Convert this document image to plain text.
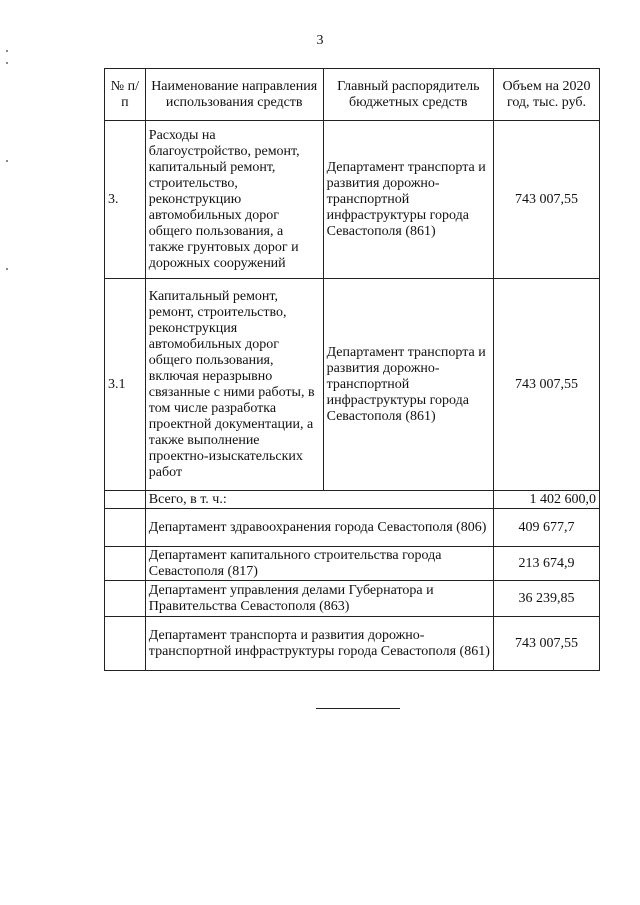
3
№ п/п	Наименование направления использования средств	Главный распорядитель бюджетных средств	Объем на 2020 год, тыс. руб.
3.	Расходы на благоустройство, ремонт, капитальный ремонт, строительство, реконструкцию автомобильных дорог общего пользования, а также грунтовых дорог и дорожных сооружений	Департамент транспорта и развития дорожно-транспортной инфраструктуры города Севастополя (861)	743 007,55
3.1	Капитальный ремонт, ремонт, строительство, реконструкция автомобильных дорог общего пользования, включая неразрывно связанные с ними работы, в том числе разработка проектной документации, а также выполнение проектно-изыскательских работ	Департамент транспорта и развития дорожно-транспортной инфраструктуры города Севастополя (861)	743 007,55
	Всего, в т. ч.:		1 402 600,0
	Департамент здравоохранения города Севастополя (806)		409 677,7
	Департамент капитального строительства города Севастополя (817)		213 674,9
	Департамент управления делами Губернатора и Правительства Севастополя (863)		36 239,85
	Департамент транспорта и развития дорожно-транспортной инфраструктуры города Севастополя (861)		743 007,55
